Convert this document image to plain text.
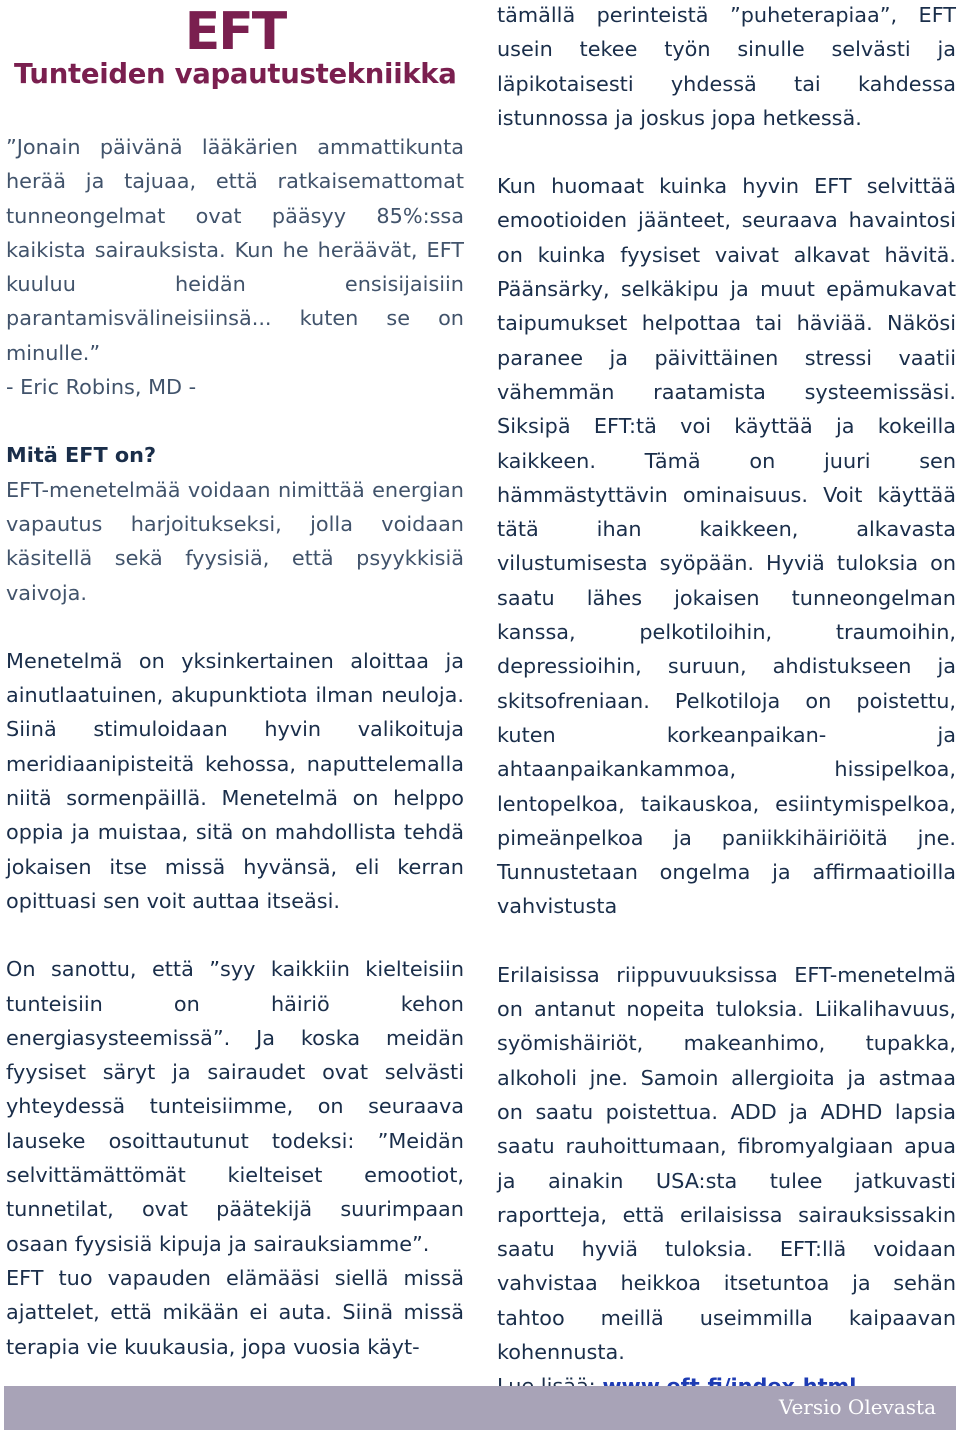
EFT
Tunteiden vapautustekniikka

”Jonain päivänä lääkärien ammattikunta herää ja tajuaa, että ratkaisemattomat tunneongelmat ovat pääsyy 85%:ssa kaikista sairauksista. Kun he heräävät, EFT kuuluu heidän ensisijaisiin parantamisvälineisiinsä... kuten se on minulle.”

- Eric Robins, MD -

Mitä EFT on?

EFT-menetelmää voidaan nimittää energian vapautus harjoitukseksi, jolla voidaan käsitellä sekä fyysisiä, että psyykkisiä vaivoja.

Menetelmä on yksinkertainen aloittaa ja ainutlaatuinen, akupunktiota ilman neuloja. Siinä stimuloidaan hyvin valikoituja meridiaanipisteitä kehossa, naputtelemalla niitä sormenpäillä. Menetelmä on helppo oppia ja muistaa, sitä on mahdollista tehdä jokaisen itse missä hyvänsä, eli kerran opittuasi sen voit auttaa itseäsi.

On sanottu, että ”syy kaikkiin kielteisiin tunteisiin on häiriö kehon energiasysteemissä”. Ja koska meidän fyysiset säryt ja sairaudet ovat selvästi yhteydessä tunteisiimme, on seuraava lauseke osoittautunut todeksi: ”Meidän selvittämättömät kielteiset emootiot, tunnetilat, ovat päätekijä suurimpaan osaan fyysisiä kipuja ja sairauksiamme”.

EFT tuo vapauden elämääsi siellä missä ajattelet, että mikään ei auta. Siinä missä terapia vie kuukausia, jopa vuosia käyt-

tämällä perinteistä ”puheterapiaa”, EFT usein tekee työn sinulle selvästi ja läpikotaisesti yhdessä tai kahdessa istunnossa ja joskus jopa hetkessä.

Kun huomaat kuinka hyvin EFT selvittää emootioiden jäänteet, seuraava havaintosi on kuinka fyysiset vaivat alkavat hävitä. Päänsärky, selkäkipu ja muut epämukavat taipumukset helpottaa tai häviää. Näkösi paranee ja päivittäinen stressi vaatii vähemmän raatamista systeemissäsi. Siksipä EFT:tä voi käyttää ja kokeilla kaikkeen. Tämä on juuri sen hämmästyttävin ominaisuus. Voit käyttää tätä ihan kaikkeen, alkavasta vilustumisesta syöpään. Hyviä tuloksia on saatu lähes jokaisen tunneongelman kanssa, pelkotiloihin, traumoihin, depressioihin, suruun, ahdistukseen ja skitsofreniaan. Pelkotiloja on poistettu, kuten korkeanpaikan- ja ahtaanpaikankammoa, hissipelkoa, lentopelkoa, taikauskoa, esiintymispelkoa, pimeänpelkoa ja paniikkihäiriöitä jne. Tunnustetaan ongelma ja affirmaatioilla vahvistusta

Erilaisissa riippuvuuksissa EFT-menetelmä on antanut nopeita tuloksia. Liikalihavuus, syömishäiriöt, makeanhimo, tupakka, alkoholi jne. Samoin allergioita ja astmaa on saatu poistettua. ADD ja ADHD lapsia saatu rauhoittumaan, fibromyalgiaan apua ja ainakin USA:sta tulee jatkuvasti raportteja, että erilaisissa sairauksissakin saatu hyviä tuloksia. EFT:llä voidaan vahvistaa heikkoa itsetuntoa ja sehän tahtoo meillä useimmilla kaipaavan kohennusta.

Versio Olevasta
